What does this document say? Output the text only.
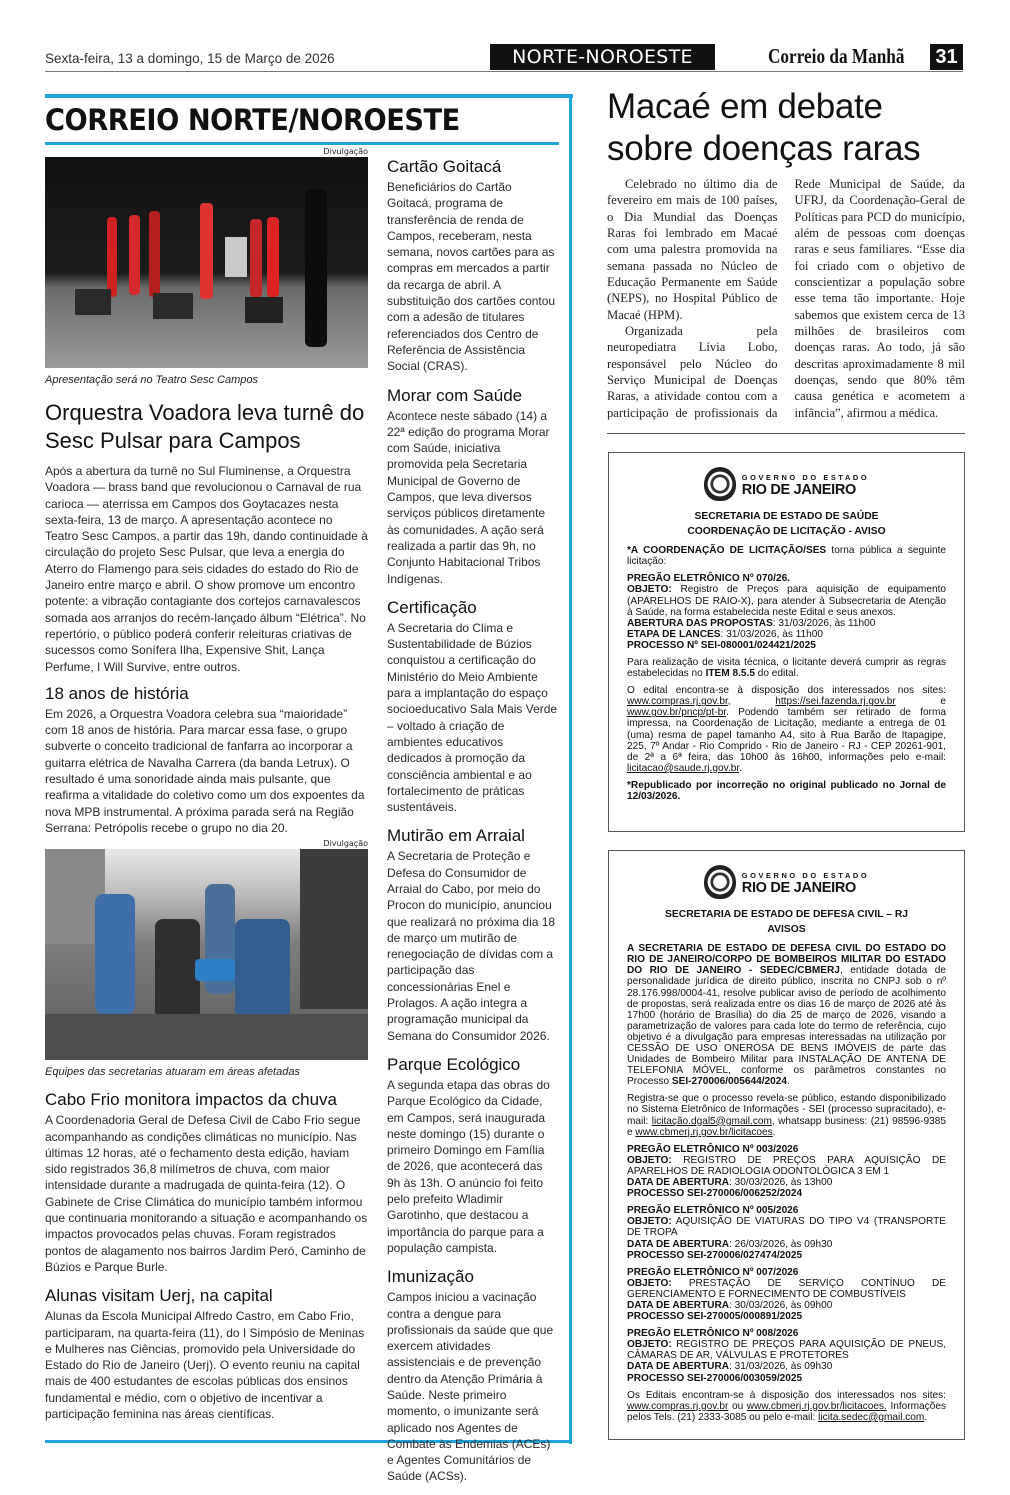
Sexta-feira, 13 a domingo, 15 de Março de 2026	NORTE-NOROESTE	Correio da Manhã 31
CORREIO NORTE/NOROESTE
Divulgação
Apresentação será no Teatro Sesc Campos
Orquestra Voadora leva turnê do Sesc Pulsar para Campos

Após a abertura da turnê no Sul Fluminense, a Orquestra Voadora — brass band que revolucionou o Carnaval de rua carioca — aterrissa em Campos dos Goytacazes nesta sexta-feira, 13 de março. A apresentação acontece no Teatro Sesc Campos, a partir das 19h, dando continuidade à circulação do projeto Sesc Pulsar, que leva a energia do Aterro do Flamengo para seis cidades do estado do Rio de Janeiro entre março e abril. O show promove um encontro potente: a vibração contagiante dos cortejos carnavalescos somada aos arranjos do recém-lançado álbum “Elétrica”. No repertório, o público poderá conferir releituras criativas de sucessos como Sonífera Ilha, Expensive Shit, Lança Perfume, I Will Survive, entre outros.

18 anos de história

Em 2026, a Orquestra Voadora celebra sua “maioridade” com 18 anos de história. Para marcar essa fase, o grupo subverte o conceito tradicional de fanfarra ao incorporar a guitarra elétrica de Navalha Carrera (da banda Letrux). O resultado é uma sonoridade ainda mais pulsante, que reafirma a vitalidade do coletivo como um dos expoentes da nova MPB instrumental. A próxima parada será na Região Serrana: Petrópolis recebe o grupo no dia 20.

Divulgação
Equipes das secretarias atuaram em áreas afetadas
Cabo Frio monitora impactos da chuva

A Coordenadoria Geral de Defesa Civil de Cabo Frio segue acompanhando as condições climáticas no município. Nas últimas 12 horas, até o fechamento desta edição, haviam sido registrados 36,8 milímetros de chuva, com maior intensidade durante a madrugada de quinta-feira (12). O Gabinete de Crise Climática do município também informou que continuaria monitorando a situação e acompanhando os impactos provocados pelas chuvas. Foram registrados pontos de alagamento nos bairros Jardim Peró, Caminho de Búzios e Parque Burle.

Alunas visitam Uerj, na capital

Alunas da Escola Municipal Alfredo Castro, em Cabo Frio, participaram, na quarta-feira (11), do I Simpósio de Meninas e Mulheres nas Ciências, promovido pela Universidade do Estado do Rio de Janeiro (Uerj). O evento reuniu na capital mais de 400 estudantes de escolas públicas dos ensinos fundamental e médio, com o objetivo de incentivar a participação feminina nas áreas científicas.

Cartão Goitacá

Beneficiários do Cartão Goitacá, programa de transferência de renda de Campos, receberam, nesta semana, novos cartões para as compras em mercados a partir da recarga de abril. A substituição dos cartões contou com a adesão de titulares referenciados dos Centro de Referência de Assistência Social (CRAS).

Morar com Saúde

Acontece neste sábado (14) a 22ª edição do programa Morar com Saúde, iniciativa promovida pela Secretaria Municipal de Governo de Campos, que leva diversos serviços públicos diretamente às comunidades. A ação será realizada a partir das 9h, no Conjunto Habitacional Tribos Indígenas.

Certificação

A Secretaria do Clima e Sustentabilidade de Búzios conquistou a certificação do Ministério do Meio Ambiente para a implantação do espaço socioeducativo Sala Mais Verde – voltado à criação de ambientes educativos dedicados à promoção da consciência ambiental e ao fortalecimento de práticas sustentáveis.

Mutirão em Arraial

A Secretaria de Proteção e Defesa do Consumidor de Arraial do Cabo, por meio do Procon do município, anunciou que realizará no próxima dia 18 de março um mutirão de renegociação de dívidas com a participação das concessionárias Enel e Prolagos. A ação integra a programação municipal da Semana do Consumidor 2026.

Parque Ecológico

A segunda etapa das obras do Parque Ecológico da Cidade, em Campos, será inaugurada neste domingo (15) durante o primeiro Domingo em Família de 2026, que acontecerá das 9h às 13h. O anúncio foi feito pelo prefeito Wladimir Garotinho, que destacou a importância do parque para a população campista.

Imunização

Campos iniciou a vacinação contra a dengue para profissionais da saúde que que exercem atividades assistenciais e de prevenção dentro da Atenção Primária à Saúde. Neste primeiro momento, o imunizante será aplicado nos Agentes de Combate às Endemias (ACEs) e Agentes Comunitários de Saúde (ACSs).

Macaé em debate
sobre doenças raras

Celebrado no último dia de fevereiro em mais de 100 países, o Dia Mundial das Doenças Raras foi lembrado em Macaé com uma palestra promovida na semana passada no Núcleo de Educação Permanente em Saúde (NEPS), no Hospital Público de Macaé (HPM).

Organizada pela neuropediatra Lívia Lobo, responsável pelo Núcleo do Serviço Municipal de Doenças Raras, a atividade contou com a participação de profissionais da Rede Municipal de Saúde, da UFRJ, da Coordenação-Geral de Políticas para PCD do município, além de pessoas com doenças raras e seus familiares. “Esse dia foi criado com o objetivo de conscientizar a população sobre esse tema tão importante. Hoje sabemos que existem cerca de 13 milhões de brasileiros com doenças raras. Ao todo, já são descritas aproximadamente 8 mil doenças, sendo que 80% têm causa genética e acometem a infância”, afirmou a médica.

GOVERNO DO ESTADO
RIO DE JANEIRO
SECRETARIA DE ESTADO DE SAÚDE
COORDENAÇÃO DE LICITAÇÃO - AVISO

*A COORDENAÇÃO DE LICITAÇÃO/SES torna pública a seguinte licitação:

PREGÃO ELETRÔNICO Nº 070/26.
OBJETO: Registro de Preços para aquisição de equipamento (APARELHOS DE RAIO-X), para atender à Subsecretaria de Atenção à Saúde, na forma estabelecida neste Edital e seus anexos.
ABERTURA DAS PROPOSTAS: 31/03/2026, às 11h00
ETAPA DE LANCES: 31/03/2026, às 11h00
PROCESSO Nº SEI-080001/024421/2025

Para realização de visita técnica, o licitante deverá cumprir as regras estabelecidas no ITEM 8.5.5 do edital.

O edital encontra-se à disposição dos interessados nos sites: www.compras.rj.gov.br, https://sei.fazenda.rj.gov.br e www.gov.br/pncp/pt-br. Podendo também ser retirado de forma impressa, na Coordenação de Licitação, mediante a entrega de 01 (uma) resma de papel tamanho A4, sito à Rua Barão de Itapagipe, 225, 7º Andar - Rio Comprido - Rio de Janeiro - RJ - CEP 20261-901, de 2ª a 6ª feira, das 10h00 às 16h00, informações pelo e-mail: licitacao@saude.rj.gov.br.

*Republicado por incorreção no original publicado no Jornal de 12/03/2026.

GOVERNO DO ESTADO
RIO DE JANEIRO
SECRETARIA DE ESTADO DE DEFESA CIVIL – RJ
AVISOS

A SECRETARIA DE ESTADO DE DEFESA CIVIL DO ESTADO DO RIO DE JANEIRO/CORPO DE BOMBEIROS MILITAR DO ESTADO DO RIO DE JANEIRO - SEDEC/CBMERJ, entidade dotada de personalidade jurídica de direito público, inscrita no CNPJ sob o nº 28.176.998/0004-41, resolve publicar aviso de período de acolhimento de propostas, será realizada entre os dias 16 de março de 2026 até às 17h00 (horário de Brasília) do dia 25 de março de 2026, visando a parametrização de valores para cada lote do termo de referência, cujo objetivo é a divulgação para empresas interessadas na utilização por CESSÃO DE USO ONEROSA DE BENS IMÓVEIS de parte das Unidades de Bombeiro Militar para INSTALAÇÃO DE ANTENA DE TELEFONIA MÓVEL, conforme os parâmetros constantes no Processo SEI-270006/005644/2024.

Registra-se que o processo revela-se público, estando disponibilizado no Sistema Eletrônico de Informações - SEI (processo supracitado), e-mail: licitação.dgal5@gmail.com, whatsapp business: (21) 98596-9385 e www.cbmerj.rj.gov.br/licitacoes.

PREGÃO ELETRÔNICO Nº 003/2026
OBJETO: REGISTRO DE PREÇOS PARA AQUISIÇÃO DE APARELHOS DE RADIOLOGIA ODONTOLÓGICA 3 EM 1
DATA DE ABERTURA: 30/03/2026, às 13h00
PROCESSO SEI-270006/006252/2024

PREGÃO ELETRÔNICO Nº 005/2026
OBJETO: AQUISIÇÃO DE VIATURAS DO TIPO V4 (TRANSPORTE DE TROPA
DATA DE ABERTURA: 26/03/2026, às 09h30
PROCESSO SEI-270006/027474/2025

PREGÃO ELETRÔNICO Nº 007/2026
OBJETO: PRESTAÇÃO DE SERVIÇO CONTÍNUO DE GERENCIAMENTO E FORNECIMENTO DE COMBUSTÍVEIS
DATA DE ABERTURA: 30/03/2026, às 09h00
PROCESSO SEI-270005/000891/2025

PREGÃO ELETRÔNICO Nº 008/2026
OBJETO: REGISTRO DE PREÇOS PARA AQUISIÇÃO DE PNEUS, CÂMARAS DE AR, VÁLVULAS E PROTETORES
DATA DE ABERTURA: 31/03/2026, às 09h30
PROCESSO SEI-270006/003059/2025

Os Editais encontram-se à disposição dos interessados nos sites: www.compras.rj.gov.br ou www.cbmerj.rj.gov.br/licitacoes. Informações pelos Tels. (21) 2333-3085 ou pelo e-mail: licita.sedec@gmail.com.
